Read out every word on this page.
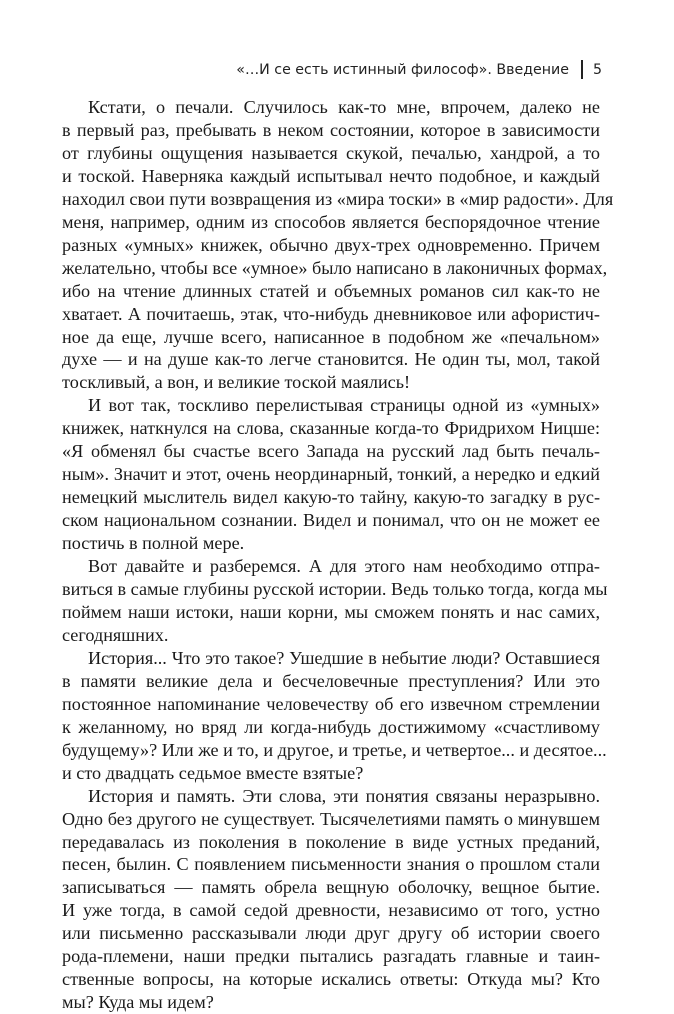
«…И се есть истинный философ». Введение 5
Кстати, о печали. Случилось как-то мне, впрочем, далеко не
в первый раз, пребывать в неком состоянии, которое в зависимости
от глубины ощущения называется скукой, печалью, хандрой, а то
и тоской. Наверняка каждый испытывал нечто подобное, и каждый
находил свои пути возвращения из «мира тоски» в «мир радости». Для
меня, например, одним из способов является беспорядочное чтение
разных «умных» книжек, обычно двух-трех одновременно. Причем
желательно, чтобы все «умное» было написано в лаконичных формах,
ибо на чтение длинных статей и объемных романов сил как-то не
хватает. А почитаешь, этак, что-нибудь дневниковое или афористич-
ное да еще, лучше всего, написанное в подобном же «печальном»
духе — и на душе как-то легче становится. Не один ты, мол, такой
тоскливый, а вон, и великие тоской маялись!
И вот так, тоскливо перелистывая страницы одной из «умных»
книжек, наткнулся на слова, сказанные когда-то Фридрихом Ницше:
«Я обменял бы счастье всего Запада на русский лад быть печаль-
ным». Значит и этот, очень неординарный, тонкий, а нередко и едкий
немецкий мыслитель видел какую-то тайну, какую-то загадку в рус-
ском национальном сознании. Видел и понимал, что он не может ее
постичь в полной мере.
Вот давайте и разберемся. А для этого нам необходимо отпра-
виться в самые глубины русской истории. Ведь только тогда, когда мы
поймем наши истоки, наши корни, мы сможем понять и нас самих,
сегодняшних.
История... Что это такое? Ушедшие в небытие люди? Оставшиеся
в памяти великие дела и бесчеловечные преступления? Или это
постоянное напоминание человечеству об его извечном стремлении
к желанному, но вряд ли когда-нибудь достижимому «счастливому
будущему»? Или же и то, и другое, и третье, и четвертое... и десятое...
и сто двадцать седьмое вместе взятые?
История и память. Эти слова, эти понятия связаны неразрывно.
Одно без другого не существует. Тысячелетиями память о минувшем
передавалась из поколения в поколение в виде устных преданий,
песен, былин. С появлением письменности знания о прошлом стали
записываться — память обрела вещную оболочку, вещное бытие.
И уже тогда, в самой седой древности, независимо от того, устно
или письменно рассказывали люди друг другу об истории своего
рода-племени, наши предки пытались разгадать главные и таин-
ственные вопросы, на которые искались ответы: Откуда мы? Кто
мы? Куда мы идем?
